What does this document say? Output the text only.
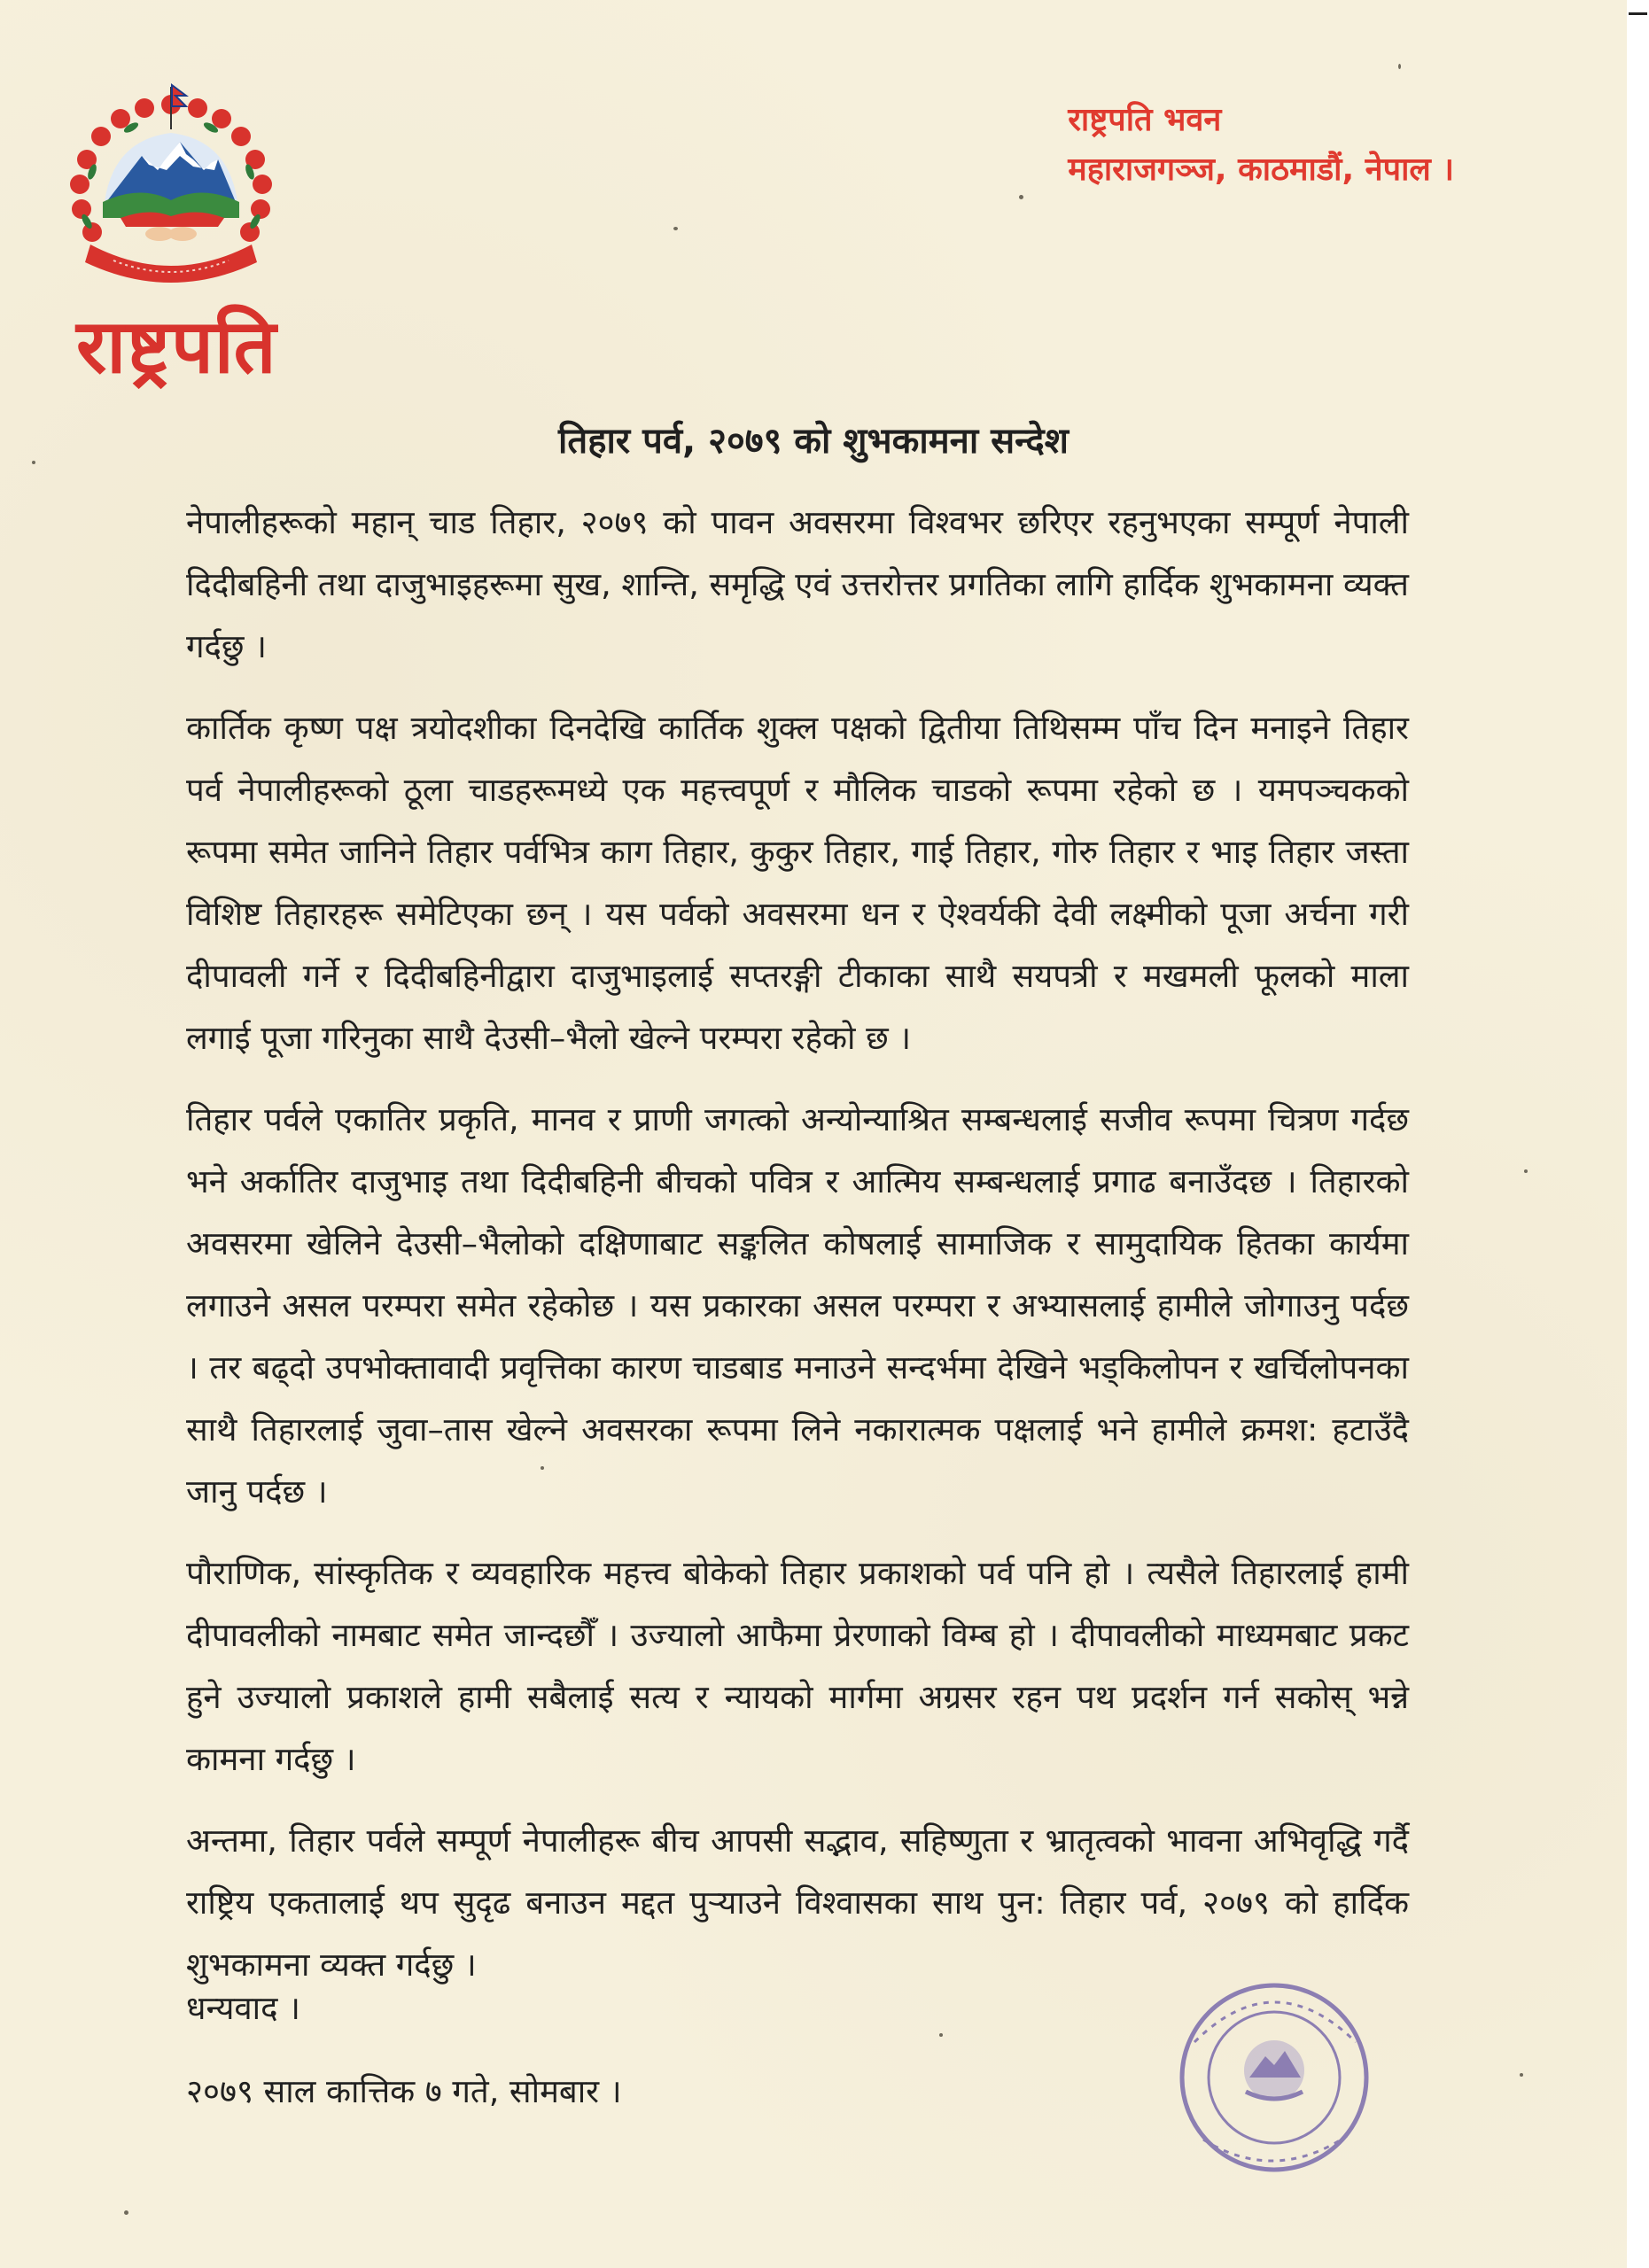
राष्ट्रपति
राष्ट्रपति भवन
महाराजगञ्ज, काठमाडौं, नेपाल ।
तिहार पर्व, २०७९ को शुभकामना सन्देश

नेपालीहरूको महान् चाड तिहार, २०७९ को पावन अवसरमा विश्वभर छरिएर रहनुभएका सम्पूर्ण नेपाली दिदीबहिनी तथा दाजुभाइहरूमा सुख, शान्ति, समृद्धि एवं उत्तरोत्तर प्रगतिका लागि हार्दिक शुभकामना व्यक्त गर्दछु ।

कार्तिक कृष्ण पक्ष त्रयोदशीका दिनदेखि कार्तिक शुक्ल पक्षको द्वितीया तिथिसम्म पाँच दिन मनाइने तिहार पर्व नेपालीहरूको ठूला चाडहरूमध्ये एक महत्त्वपूर्ण र मौलिक चाडको रूपमा रहेको छ । यमपञ्चकको रूपमा समेत जानिने तिहार पर्वभित्र काग तिहार, कुकुर तिहार, गाई तिहार, गोरु तिहार र भाइ तिहार जस्ता विशिष्ट तिहारहरू समेटिएका छन् । यस पर्वको अवसरमा धन र ऐश्वर्यकी देवी लक्ष्मीको पूजा अर्चना गरी दीपावली गर्ने र दिदीबहिनीद्वारा दाजुभाइलाई सप्तरङ्गी टीकाका साथै सयपत्री र मखमली फूलको माला लगाई पूजा गरिनुका साथै देउसी–भैलो खेल्ने परम्परा रहेको छ ।

तिहार पर्वले एकातिर प्रकृति, मानव र प्राणी जगत्को अन्योन्याश्रित सम्बन्धलाई सजीव रूपमा चित्रण गर्दछ भने अर्कातिर दाजुभाइ तथा दिदीबहिनी बीचको पवित्र र आत्मिय सम्बन्धलाई प्रगाढ बनाउँदछ । तिहारको अवसरमा खेलिने देउसी–भैलोको दक्षिणाबाट सङ्कलित कोषलाई सामाजिक र सामुदायिक हितका कार्यमा लगाउने असल परम्परा समेत रहेकोछ । यस प्रकारका असल परम्परा र अभ्यासलाई हामीले जोगाउनु पर्दछ । तर बढ्दो उपभोक्तावादी प्रवृत्तिका कारण चाडबाड मनाउने सन्दर्भमा देखिने भड्किलोपन र खर्चिलोपनका साथै तिहारलाई जुवा–तास खेल्ने अवसरका रूपमा लिने नकारात्मक पक्षलाई भने हामीले क्रमश: हटाउँदै जानु पर्दछ ।

पौराणिक, सांस्कृतिक र व्यवहारिक महत्त्व बोकेको तिहार प्रकाशको पर्व पनि हो । त्यसैले तिहारलाई हामी दीपावलीको नामबाट समेत जान्दछौँ । उज्यालो आफैमा प्रेरणाको विम्ब हो । दीपावलीको माध्यमबाट प्रकट हुने उज्यालो प्रकाशले हामी सबैलाई सत्य र न्यायको मार्गमा अग्रसर रहन पथ प्रदर्शन गर्न सकोस् भन्ने कामना गर्दछु ।

अन्तमा, तिहार पर्वले सम्पूर्ण नेपालीहरू बीच आपसी सद्भाव, सहिष्णुता र भ्रातृत्वको भावना अभिवृद्धि गर्दै राष्ट्रिय एकतालाई थप सुदृढ बनाउन मद्दत पुऱ्याउने विश्वासका साथ पुन: तिहार पर्व, २०७९ को हार्दिक शुभकामना व्यक्त गर्दछु ।

धन्यवाद ।
२०७९ साल कात्तिक ७ गते, सोमबार ।
